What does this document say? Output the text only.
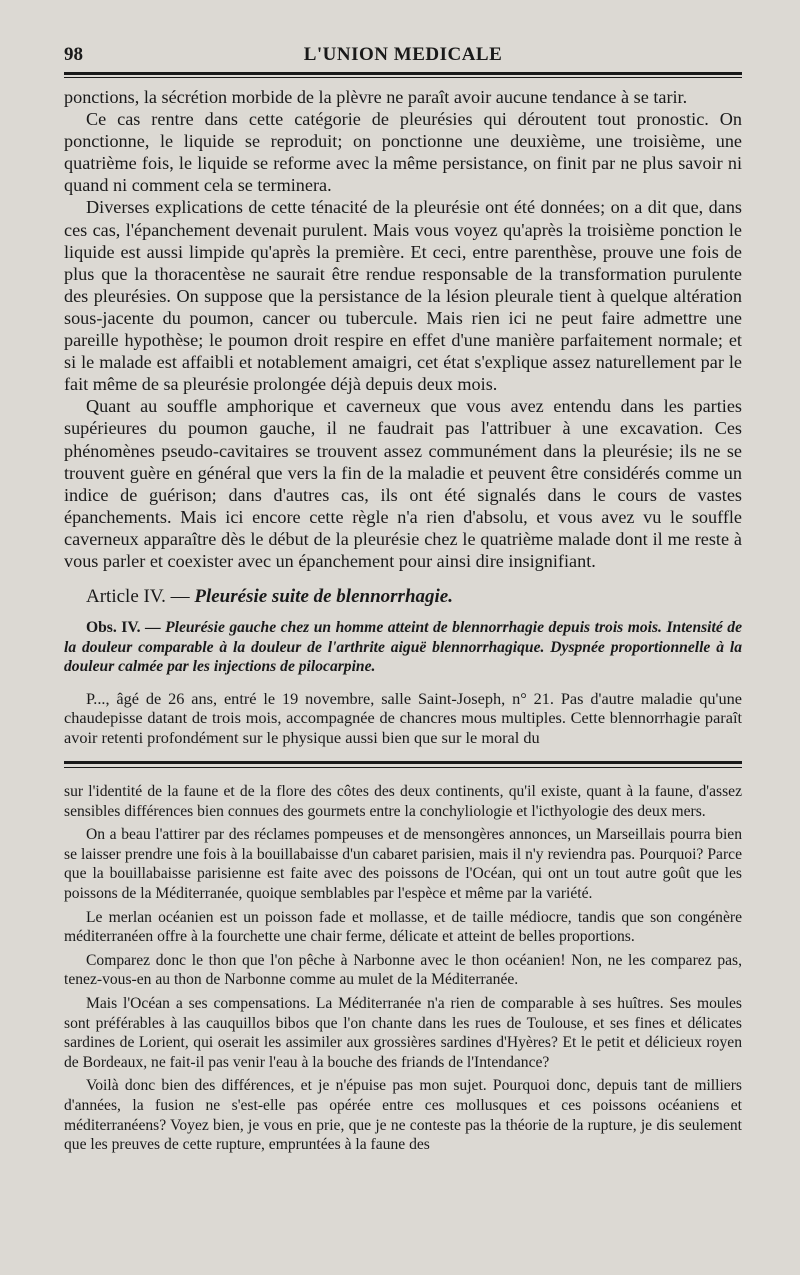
98	L'UNION MEDICALE

ponctions, la sécrétion morbide de la plèvre ne paraît avoir aucune tendance à se tarir.

Ce cas rentre dans cette catégorie de pleurésies qui déroutent tout pronostic. On ponctionne, le liquide se reproduit; on ponctionne une deuxième, une troisième, une quatrième fois, le liquide se reforme avec la même persistance, on finit par ne plus savoir ni quand ni comment cela se terminera.

Diverses explications de cette ténacité de la pleurésie ont été données; on a dit que, dans ces cas, l'épanchement devenait purulent. Mais vous voyez qu'après la troisième ponction le liquide est aussi limpide qu'après la première. Et ceci, entre parenthèse, prouve une fois de plus que la thoracentèse ne saurait être rendue responsable de la transformation purulente des pleurésies. On suppose que la persistance de la lésion pleurale tient à quelque altération sous-jacente du poumon, cancer ou tubercule. Mais rien ici ne peut faire admettre une pareille hypothèse; le poumon droit respire en effet d'une manière parfaitement normale; et si le malade est affaibli et notablement amaigri, cet état s'explique assez naturellement par le fait même de sa pleurésie prolongée déjà depuis deux mois.

Quant au souffle amphorique et caverneux que vous avez entendu dans les parties supérieures du poumon gauche, il ne faudrait pas l'attribuer à une excavation. Ces phénomènes pseudo-cavitaires se trouvent assez communément dans la pleurésie; ils ne se trouvent guère en général que vers la fin de la maladie et peuvent être considérés comme un indice de guérison; dans d'autres cas, ils ont été signalés dans le cours de vastes épanchements. Mais ici encore cette règle n'a rien d'absolu, et vous avez vu le souffle caverneux apparaître dès le début de la pleurésie chez le quatrième malade dont il me reste à vous parler et coexister avec un épanchement pour ainsi dire insignifiant.

Article IV. — Pleurésie suite de blennorrhagie.

Obs. IV. — Pleurésie gauche chez un homme atteint de blennorrhagie depuis trois mois. Intensité de la douleur comparable à la douleur de l'arthrite aiguë blennorrhagique. Dyspnée proportionnelle à la douleur calmée par les injections de pilocarpine.

P..., âgé de 26 ans, entré le 19 novembre, salle Saint-Joseph, n° 21. Pas d'autre maladie qu'une chaudepisse datant de trois mois, accompagnée de chancres mous multiples. Cette blennorrhagie paraît avoir retenti profondément sur le physique aussi bien que sur le moral du

sur l'identité de la faune et de la flore des côtes des deux continents, qu'il existe, quant à la faune, d'assez sensibles différences bien connues des gourmets entre la conchyliologie et l'icthyologie des deux mers.

On a beau l'attirer par des réclames pompeuses et de mensongères annonces, un Marseillais pourra bien se laisser prendre une fois à la bouillabaisse d'un cabaret parisien, mais il n'y reviendra pas. Pourquoi? Parce que la bouillabaisse parisienne est faite avec des poissons de l'Océan, qui ont un tout autre goût que les poissons de la Méditerranée, quoique semblables par l'espèce et même par la variété.

Le merlan océanien est un poisson fade et mollasse, et de taille médiocre, tandis que son congénère méditerranéen offre à la fourchette une chair ferme, délicate et atteint de belles proportions.

Comparez donc le thon que l'on pêche à Narbonne avec le thon océanien! Non, ne les comparez pas, tenez-vous-en au thon de Narbonne comme au mulet de la Méditerranée.

Mais l'Océan a ses compensations. La Méditerranée n'a rien de comparable à ses huîtres. Ses moules sont préférables à las cauquillos bibos que l'on chante dans les rues de Toulouse, et ses fines et délicates sardines de Lorient, qui oserait les assimiler aux grossières sardines d'Hyères? Et le petit et délicieux royen de Bordeaux, ne fait-il pas venir l'eau à la bouche des friands de l'Intendance?

Voilà donc bien des différences, et je n'épuise pas mon sujet. Pourquoi donc, depuis tant de milliers d'années, la fusion ne s'est-elle pas opérée entre ces mollusques et ces poissons océaniens et méditerranéens? Voyez bien, je vous en prie, que je ne conteste pas la théorie de la rupture, je dis seulement que les preuves de cette rupture, empruntées à la faune des
